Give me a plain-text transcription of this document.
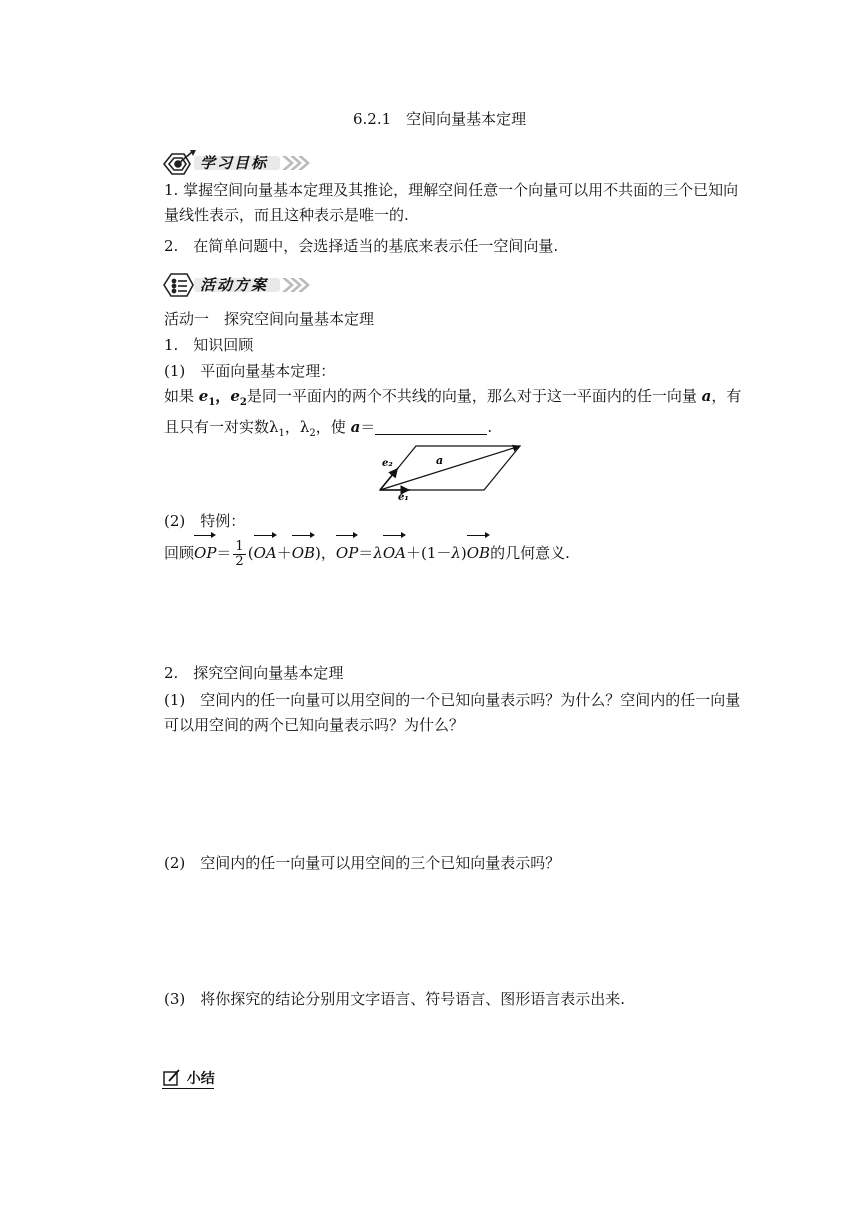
6.2.1　空间向量基本定理
学习目标
1. 掌握空间向量基本定理及其推论，理解空间任意一个向量可以用不共面的三个已知向量线性表示，而且这种表示是唯一的.
2.　在简单问题中，会选择适当的基底来表示任一空间向量.
活动方案
活动一　探究空间向量基本定理
1.　知识回顾
(1)　平面向量基本定理：
如果 $e_1$，$e_2$是同一平面内的两个不共线的向量，那么对于这一平面内的任一向量 a，有且只有一对实数$\lambda_1$，$\lambda_2$，使 a＝	.
e₂
e₁
a
(2)　特例：
回顾$OP= \frac{1}{2} (OA+OB)$，OP＝λOA＋(1－λ)OB的几何意义.
2.　探究空间向量基本定理
(1)　空间内的任一向量可以用空间的一个已知向量表示吗？为什么？空间内的任一向量可以用空间的两个已知向量表示吗？为什么？
(2)　空间内的任一向量可以用空间的三个已知向量表示吗？
(3)　将你探究的结论分别用文字语言、符号语言、图形语言表示出来.
小结
